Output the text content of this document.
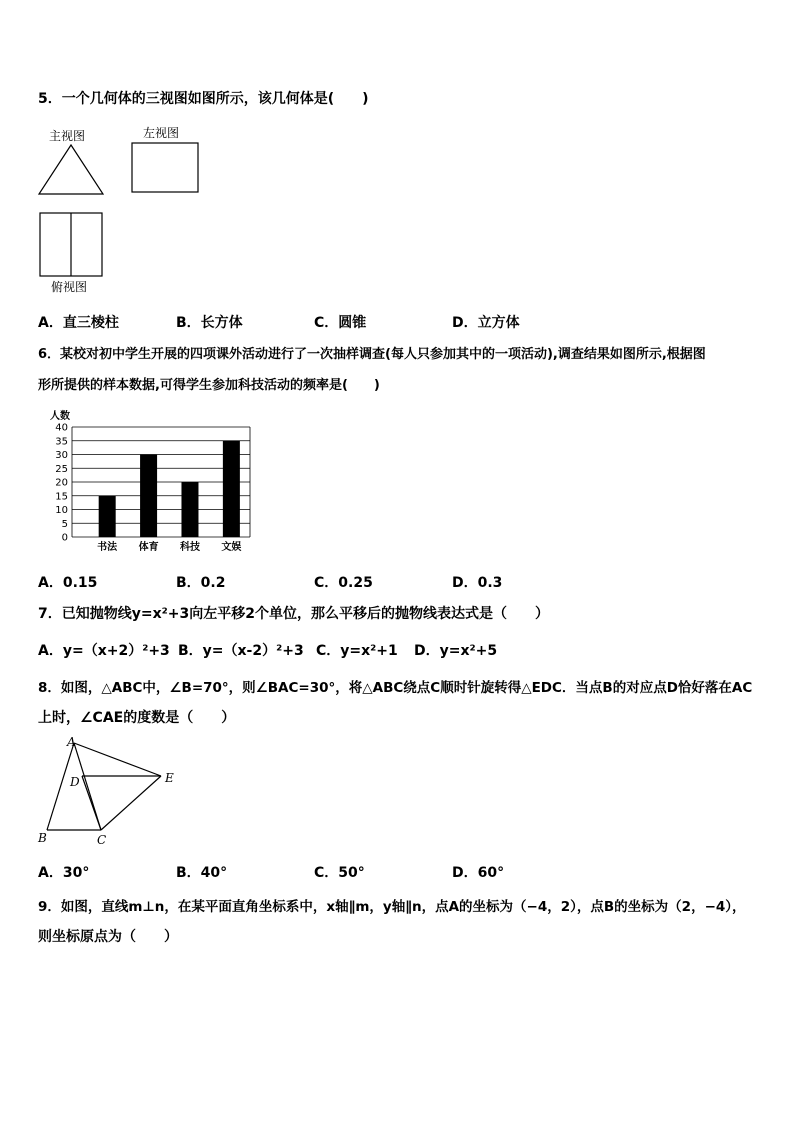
5．一个几何体的三视图如图所示，该几何体是(　　)
主视图	左视图
俯视图
A．直三棱柱	B．长方体	C．圆锥	D．立方体
6．某校对初中学生开展的四项课外活动进行了一次抽样调查(每人只参加其中的一项活动),调查结果如图所示,根据图
形所提供的样本数据,可得学生参加科技活动的频率是(　　)
0
5
10
15
20
25
30
35
40
书法 体育 科技 文娱
人数
A．0.15	B．0.2	C．0.25	D．0.3
7．已知抛物线y=x²+3向左平移2个单位，那么平移后的抛物线表达式是（　　）
A．y=（x+2）²+3 B．y=（x-2）²+3 C．y=x²+1 D．y=x²+5
8．如图，△ABC中，∠B=70°，则∠BAC=30°，将△ABC绕点C顺时针旋转得△EDC．当点B的对应点D恰好落在AC
上时，∠CAE的度数是（　　）
A
D	E
B	C
A．30°	B．40°	C．50°	D．60°
9．如图，直线m⊥n，在某平面直角坐标系中，x轴∥m，y轴∥n，点A的坐标为（−4，2），点B的坐标为（2，−4），
则坐标原点为（　　）
